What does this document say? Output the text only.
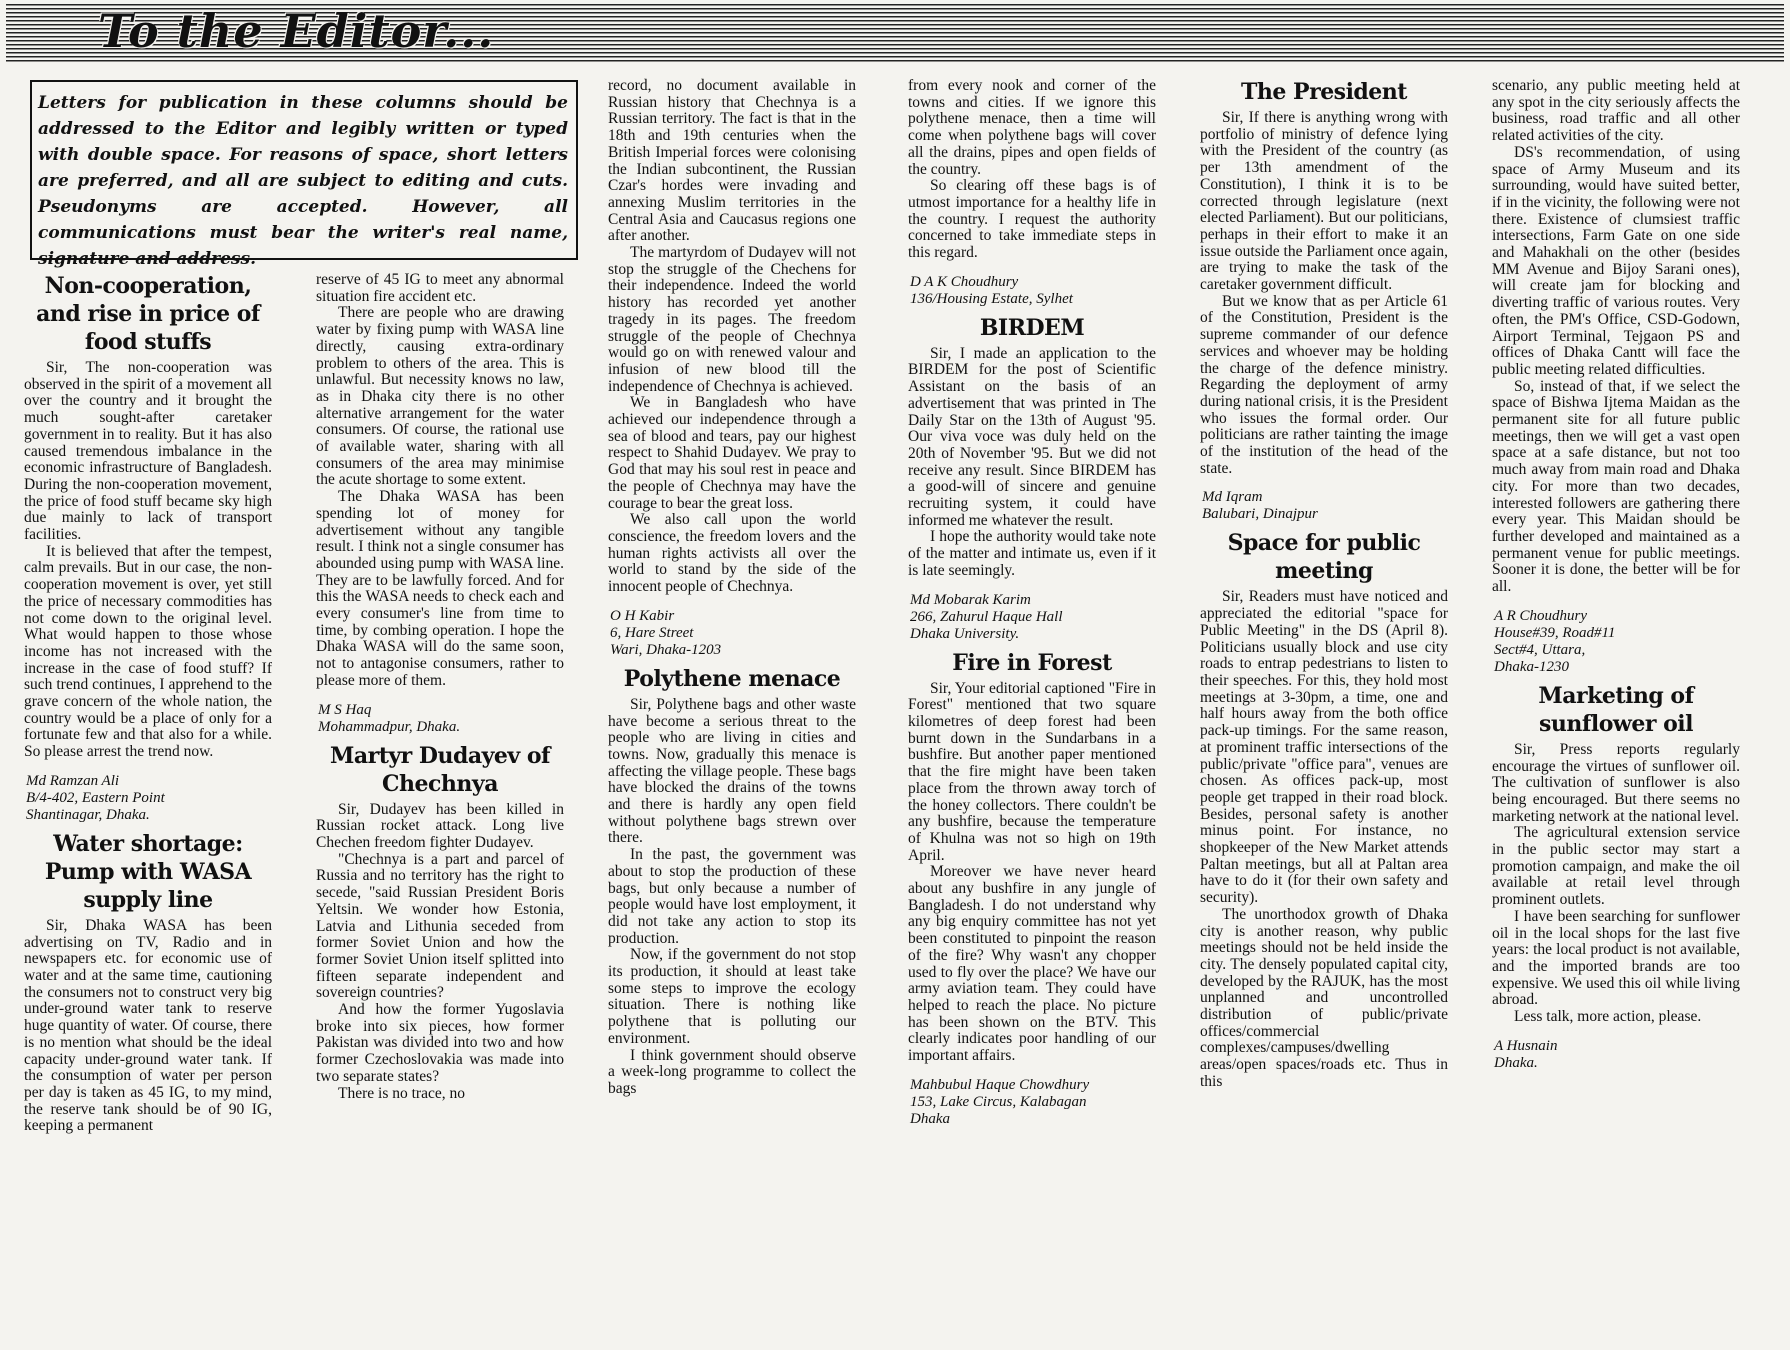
To the Editor...
Letters for publication in these columns should be addressed to the Editor and legibly written or typed with double space. For reasons of space, short letters are preferred, and all are subject to editing and cuts. Pseudonyms are accepted. However, all communications must bear the writer's real name, signature and address.
Non-cooperation, and rise in price of food stuffs

Sir, The non-cooperation was observed in the spirit of a movement all over the country and it brought the much sought-after caretaker government in to reality. But it has also caused tremendous imbalance in the economic infrastructure of Bangladesh. During the non-cooperation movement, the price of food stuff became sky high due mainly to lack of transport facilities.

It is believed that after the tempest, calm prevails. But in our case, the non-cooperation movement is over, yet still the price of necessary commodities has not come down to the original level. What would happen to those whose income has not increased with the increase in the case of food stuff? If such trend continues, I apprehend to the grave concern of the whole nation, the country would be a place of only for a fortunate few and that also for a while. So please arrest the trend now.

Md Ramzan Ali
B/4-402, Eastern Point
Shantinagar, Dhaka.
Water shortage: Pump with WASA supply line

Sir, Dhaka WASA has been advertising on TV, Radio and in newspapers etc. for economic use of water and at the same time, cautioning the consumers not to construct very big under-ground water tank to reserve huge quantity of water. Of course, there is no mention what should be the ideal capacity under-ground water tank. If the consumption of water per person per day is taken as 45 IG, to my mind, the reserve tank should be of 90 IG, keeping a permanent

reserve of 45 IG to meet any abnormal situation fire accident etc.

There are people who are drawing water by fixing pump with WASA line directly, causing extra-ordinary problem to others of the area. This is unlawful. But necessity knows no law, as in Dhaka city there is no other alternative arrangement for the water consumers. Of course, the rational use of available water, sharing with all consumers of the area may minimise the acute shortage to some extent.

The Dhaka WASA has been spending lot of money for advertisement without any tangible result. I think not a single consumer has abounded using pump with WASA line. They are to be lawfully forced. And for this the WASA needs to check each and every consumer's line from time to time, by combing operation. I hope the Dhaka WASA will do the same soon, not to antagonise consumers, rather to please more of them.

M S Haq
Mohammadpur, Dhaka.
Martyr Dudayev of Chechnya

Sir, Dudayev has been killed in Russian rocket attack. Long live Chechen freedom fighter Dudayev.

"Chechnya is a part and parcel of Russia and no territory has the right to secede, "said Russian President Boris Yeltsin. We wonder how Estonia, Latvia and Lithunia seceded from former Soviet Union and how the former Soviet Union itself splitted into fifteen separate independent and sovereign countries?

And how the former Yugoslavia broke into six pieces, how former Pakistan was divided into two and how former Czechoslovakia was made into two separate states?

There is no trace, no

record, no document available in Russian history that Chechnya is a Russian territory. The fact is that in the 18th and 19th centuries when the British Imperial forces were colonising the Indian subcontinent, the Russian Czar's hordes were invading and annexing Muslim territories in the Central Asia and Caucasus regions one after another.

The martyrdom of Dudayev will not stop the struggle of the Chechens for their independence. Indeed the world history has recorded yet another tragedy in its pages. The freedom struggle of the people of Chechnya would go on with renewed valour and infusion of new blood till the independence of Chechnya is achieved.

We in Bangladesh who have achieved our independence through a sea of blood and tears, pay our highest respect to Shahid Dudayev. We pray to God that may his soul rest in peace and the people of Chechnya may have the courage to bear the great loss.

We also call upon the world conscience, the freedom lovers and the human rights activists all over the world to stand by the side of the innocent people of Chechnya.

O H Kabir
6, Hare Street
Wari, Dhaka-1203
Polythene menace

Sir, Polythene bags and other waste have become a serious threat to the people who are living in cities and towns. Now, gradually this menace is affecting the village people. These bags have blocked the drains of the towns and there is hardly any open field without polythene bags strewn over there.

In the past, the government was about to stop the production of these bags, but only because a number of people would have lost employment, it did not take any action to stop its production.

Now, if the government do not stop its production, it should at least take some steps to improve the ecology situation. There is nothing like polythene that is polluting our environment.

I think government should observe a week-long programme to collect the bags

from every nook and corner of the towns and cities. If we ignore this polythene menace, then a time will come when polythene bags will cover all the drains, pipes and open fields of the country.

So clearing off these bags is of utmost importance for a healthy life in the country. I request the authority concerned to take immediate steps in this regard.

D A K Choudhury
136/Housing Estate, Sylhet
BIRDEM

Sir, I made an application to the BIRDEM for the post of Scientific Assistant on the basis of an advertisement that was printed in The Daily Star on the 13th of August '95. Our viva voce was duly held on the 20th of November '95. But we did not receive any result. Since BIRDEM has a good-will of sincere and genuine recruiting system, it could have informed me whatever the result.

I hope the authority would take note of the matter and intimate us, even if it is late seemingly.

Md Mobarak Karim
266, Zahurul Haque Hall
Dhaka University.
Fire in Forest

Sir, Your editorial captioned "Fire in Forest" mentioned that two square kilometres of deep forest had been burnt down in the Sundarbans in a bushfire. But another paper mentioned that the fire might have been taken place from the thrown away torch of the honey collectors. There couldn't be any bushfire, because the temperature of Khulna was not so high on 19th April.

Moreover we have never heard about any bushfire in any jungle of Bangladesh. I do not understand why any big enquiry committee has not yet been constituted to pinpoint the reason of the fire? Why wasn't any chopper used to fly over the place? We have our army aviation team. They could have helped to reach the place. No picture has been shown on the BTV. This clearly indicates poor handling of our important affairs.

Mahbubul Haque Chowdhury
153, Lake Circus, Kalabagan
Dhaka
The President

Sir, If there is anything wrong with portfolio of ministry of defence lying with the President of the country (as per 13th amendment of the Constitution), I think it is to be corrected through legislature (next elected Parliament). But our politicians, perhaps in their effort to make it an issue outside the Parliament once again, are trying to make the task of the caretaker government difficult.

But we know that as per Article 61 of the Constitution, President is the supreme commander of our defence services and whoever may be holding the charge of the defence ministry. Regarding the deployment of army during national crisis, it is the President who issues the formal order. Our politicians are rather tainting the image of the institution of the head of the state.

Md Iqram
Balubari, Dinajpur
Space for public meeting

Sir, Readers must have noticed and appreciated the editorial "space for Public Meeting" in the DS (April 8). Politicians usually block and use city roads to entrap pedestrians to listen to their speeches. For this, they hold most meetings at 3-30pm, a time, one and half hours away from the both office pack-up timings. For the same reason, at prominent traffic intersections of the public/private "office para", venues are chosen. As offices pack-up, most people get trapped in their road block. Besides, personal safety is another minus point. For instance, no shopkeeper of the New Market attends Paltan meetings, but all at Paltan area have to do it (for their own safety and security).

The unorthodox growth of Dhaka city is another reason, why public meetings should not be held inside the city. The densely populated capital city, developed by the RAJUK, has the most unplanned and uncontrolled distribution of public/private offices/commercial complexes/campuses/dwelling areas/open spaces/roads etc. Thus in this

scenario, any public meeting held at any spot in the city seriously affects the business, road traffic and all other related activities of the city.

DS's recommendation, of using space of Army Museum and its surrounding, would have suited better, if in the vicinity, the following were not there. Existence of clumsiest traffic intersections, Farm Gate on one side and Mahakhali on the other (besides MM Avenue and Bijoy Sarani ones), will create jam for blocking and diverting traffic of various routes. Very often, the PM's Office, CSD-Godown, Airport Terminal, Tejgaon PS and offices of Dhaka Cantt will face the public meeting related difficulties.

So, instead of that, if we select the space of Bishwa Ijtema Maidan as the permanent site for all future public meetings, then we will get a vast open space at a safe distance, but not too much away from main road and Dhaka city. For more than two decades, interested followers are gathering there every year. This Maidan should be further developed and maintained as a permanent venue for public meetings. Sooner it is done, the better will be for all.

A R Choudhury
House#39, Road#11
Sect#4, Uttara,
Dhaka-1230
Marketing of sunflower oil

Sir, Press reports regularly encourage the virtues of sunflower oil. The cultivation of sunflower is also being encouraged. But there seems no marketing network at the national level.

The agricultural extension service in the public sector may start a promotion campaign, and make the oil available at retail level through prominent outlets.

I have been searching for sunflower oil in the local shops for the last five years: the local product is not available, and the imported brands are too expensive. We used this oil while living abroad.

Less talk, more action, please.

A Husnain
Dhaka.
